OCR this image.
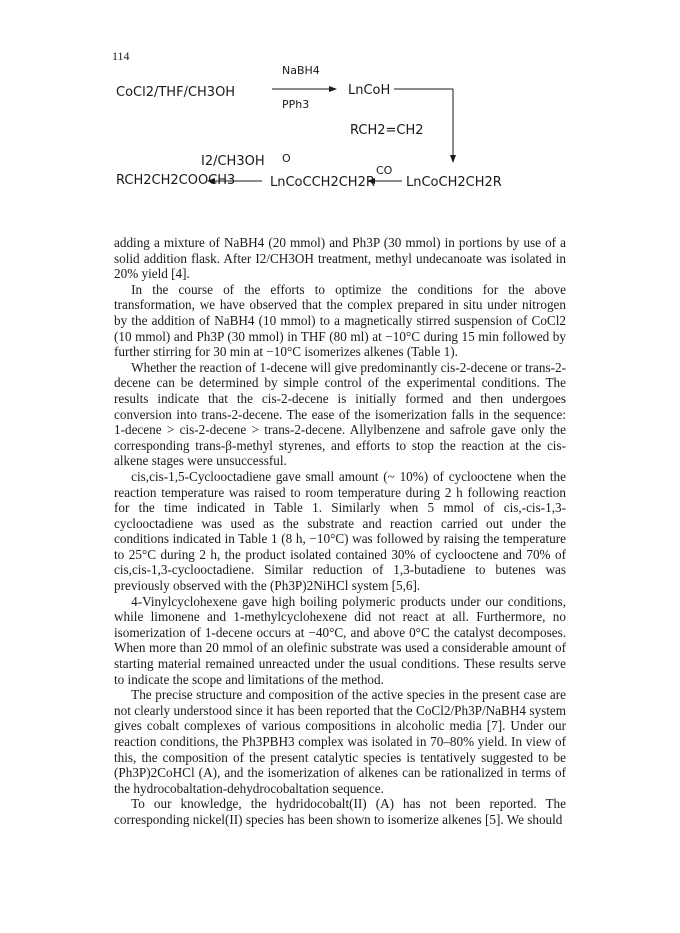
114
CoCl2/THF/CH3OH
NaBH4
PPh3
LnCoH
RCH2=CH2
I2/CH3OH O
CO
RCH2CH2COOCH3	LnCoCCH2CH2R LnCoCH2CH2R

adding a mixture of NaBH4 (20 mmol) and Ph3P (30 mmol) in portions by use of a solid addition flask. After I2/CH3OH treatment, methyl undecanoate was isolated in 20% yield [4].

In the course of the efforts to optimize the conditions for the above transformation, we have observed that the complex prepared in situ under nitrogen by the addition of NaBH4 (10 mmol) to a magnetically stirred suspension of CoCl2 (10 mmol) and Ph3P (30 mmol) in THF (80 ml) at −10°C during 15 min followed by further stirring for 30 min at −10°C isomerizes alkenes (Table 1).

Whether the reaction of 1-decene will give predominantly cis-2-decene or trans-2-decene can be determined by simple control of the experimental conditions. The results indicate that the cis-2-decene is initially formed and then undergoes conversion into trans-2-decene. The ease of the isomerization falls in the sequence: 1-decene > cis-2-decene > trans-2-decene. Allylbenzene and safrole gave only the corresponding trans-β-methyl styrenes, and efforts to stop the reaction at the cis-alkene stages were unsuccessful.

cis,cis-1,5-Cyclooctadiene gave small amount (~ 10%) of cyclooctene when the reaction temperature was raised to room temperature during 2 h following reaction for the time indicated in Table 1. Similarly when 5 mmol of cis,-cis-1,3-cyclooctadiene was used as the substrate and reaction carried out under the conditions indicated in Table 1 (8 h, −10°C) was followed by raising the temperature to 25°C during 2 h, the product isolated contained 30% of cyclooctene and 70% of cis,cis-1,3-cyclooctadiene. Similar reduction of 1,3-butadiene to butenes was previously observed with the (Ph3P)2NiHCl system [5,6].

4-Vinylcyclohexene gave high boiling polymeric products under our conditions, while limonene and 1-methylcyclohexene did not react at all. Furthermore, no isomerization of 1-decene occurs at −40°C, and above 0°C the catalyst decomposes. When more than 20 mmol of an olefinic substrate was used a considerable amount of starting material remained unreacted under the usual conditions. These results serve to indicate the scope and limitations of the method.

The precise structure and composition of the active species in the present case are not clearly understood since it has been reported that the CoCl2/Ph3P/NaBH4 system gives cobalt complexes of various compositions in alcoholic media [7]. Under our reaction conditions, the Ph3PBH3 complex was isolated in 70–80% yield. In view of this, the composition of the present catalytic species is tentatively suggested to be (Ph3P)2CoHCl (A), and the isomerization of alkenes can be rationalized in terms of the hydrocobaltation-dehydrocobaltation sequence.

To our knowledge, the hydridocobalt(II) (A) has not been reported. The corresponding nickel(II) species has been shown to isomerize alkenes [5]. We should
